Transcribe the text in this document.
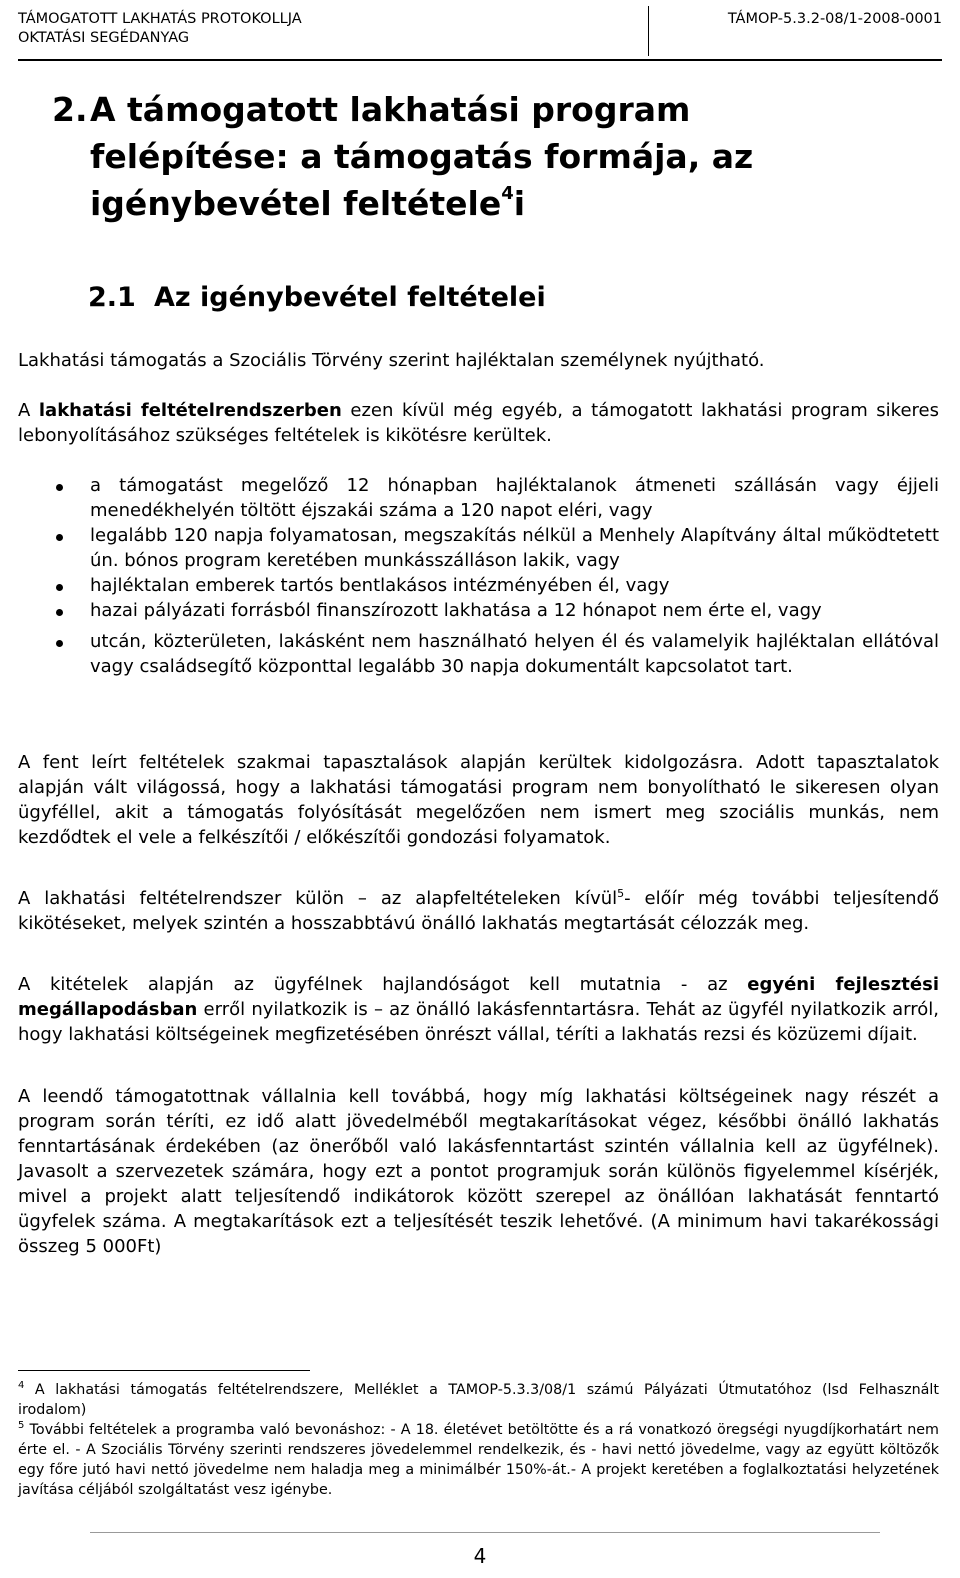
TÁMOGATOTT LAKHATÁS PROTOKOLLJA
OKTATÁSI SEGÉDANYAG
TÁMOP-5.3.2-08/1-2008-0001
2.A támogatott lakhatási program
felépítése: a támogatás formája, az
igénybevétel feltétele$^4$i
2.1 Az igénybevétel feltételei

Lakhatási támogatás a Szociális Törvény szerint hajléktalan személynek nyújtható.

A lakhatási feltételrendszerben ezen kívül még egyéb, a támogatott lakhatási program sikeres lebonyolításához szükséges feltételek is kikötésre kerültek.

a támogatást megelőző 12 hónapban hajléktalanok átmeneti szállásán vagy éjjeli menedékhelyén töltött éjszakái száma a 120 napot eléri, vagy
legalább 120 napja folyamatosan, megszakítás nélkül a Menhely Alapítvány által működtetett ún. bónos program keretében munkásszálláson lakik, vagy
hajléktalan emberek tartós bentlakásos intézményében él, vagy
hazai pályázati forrásból finanszírozott lakhatása a 12 hónapot nem érte el, vagy
utcán, közterületen, lakásként nem használható helyen él és valamelyik hajléktalan ellátóval vagy családsegítő központtal legalább 30 napja dokumentált kapcsolatot tart.

A fent leírt feltételek szakmai tapasztalások alapján kerültek kidolgozásra. Adott tapasztalatok alapján vált világossá, hogy a lakhatási támogatási program nem bonyolítható le sikeresen olyan ügyféllel, akit a támogatás folyósítását megelőzően nem ismert meg szociális munkás, nem kezdődtek el vele a felkészítői / előkészítői gondozási folyamatok.

A lakhatási feltételrendszer külön – az alapfeltételeken kívül$^5$- előír még további teljesítendő kikötéseket, melyek szintén a hosszabbtávú önálló lakhatás megtartását célozzák meg.

A kitételek alapján az ügyfélnek hajlandóságot kell mutatnia - az egyéni fejlesztési megállapodásban erről nyilatkozik is – az önálló lakásfenntartásra. Tehát az ügyfél nyilatkozik arról, hogy lakhatási költségeinek megfizetésében önrészt vállal, téríti a lakhatás rezsi és közüzemi díjait.

A leendő támogatottnak vállalnia kell továbbá, hogy míg lakhatási költségeinek nagy részét a program során téríti, ez idő alatt jövedelméből megtakarításokat végez, későbbi önálló lakhatás fenntartásának érdekében (az önerőből való lakásfenntartást szintén vállalnia kell az ügyfélnek). Javasolt a szervezetek számára, hogy ezt a pontot programjuk során különös figyelemmel kísérjék, mivel a projekt alatt teljesítendő indikátorok között szerepel az önállóan lakhatását fenntartó ügyfelek száma. A megtakarítások ezt a teljesítését teszik lehetővé. (A minimum havi takarékossági összeg 5 000Ft)

$^4$ A lakhatási támogatás feltételrendszere, Melléklet a TAMOP-5.3.3/08/1 számú Pályázati Útmutatóhoz (lsd Felhasznált irodalom)

$^5$ További feltételek a programba való bevonáshoz: - A 18. életévet betöltötte és a rá vonatkozó öregségi nyugdíjkorhatárt nem érte el. - A Szociális Törvény szerinti rendszeres jövedelemmel rendelkezik, és - havi nettó jövedelme, vagy az együtt költözők egy főre jutó havi nettó jövedelme nem haladja meg a minimálbér 150%-át.- A projekt keretében a foglalkoztatási helyzetének javítása céljából szolgáltatást vesz igénybe.

4
